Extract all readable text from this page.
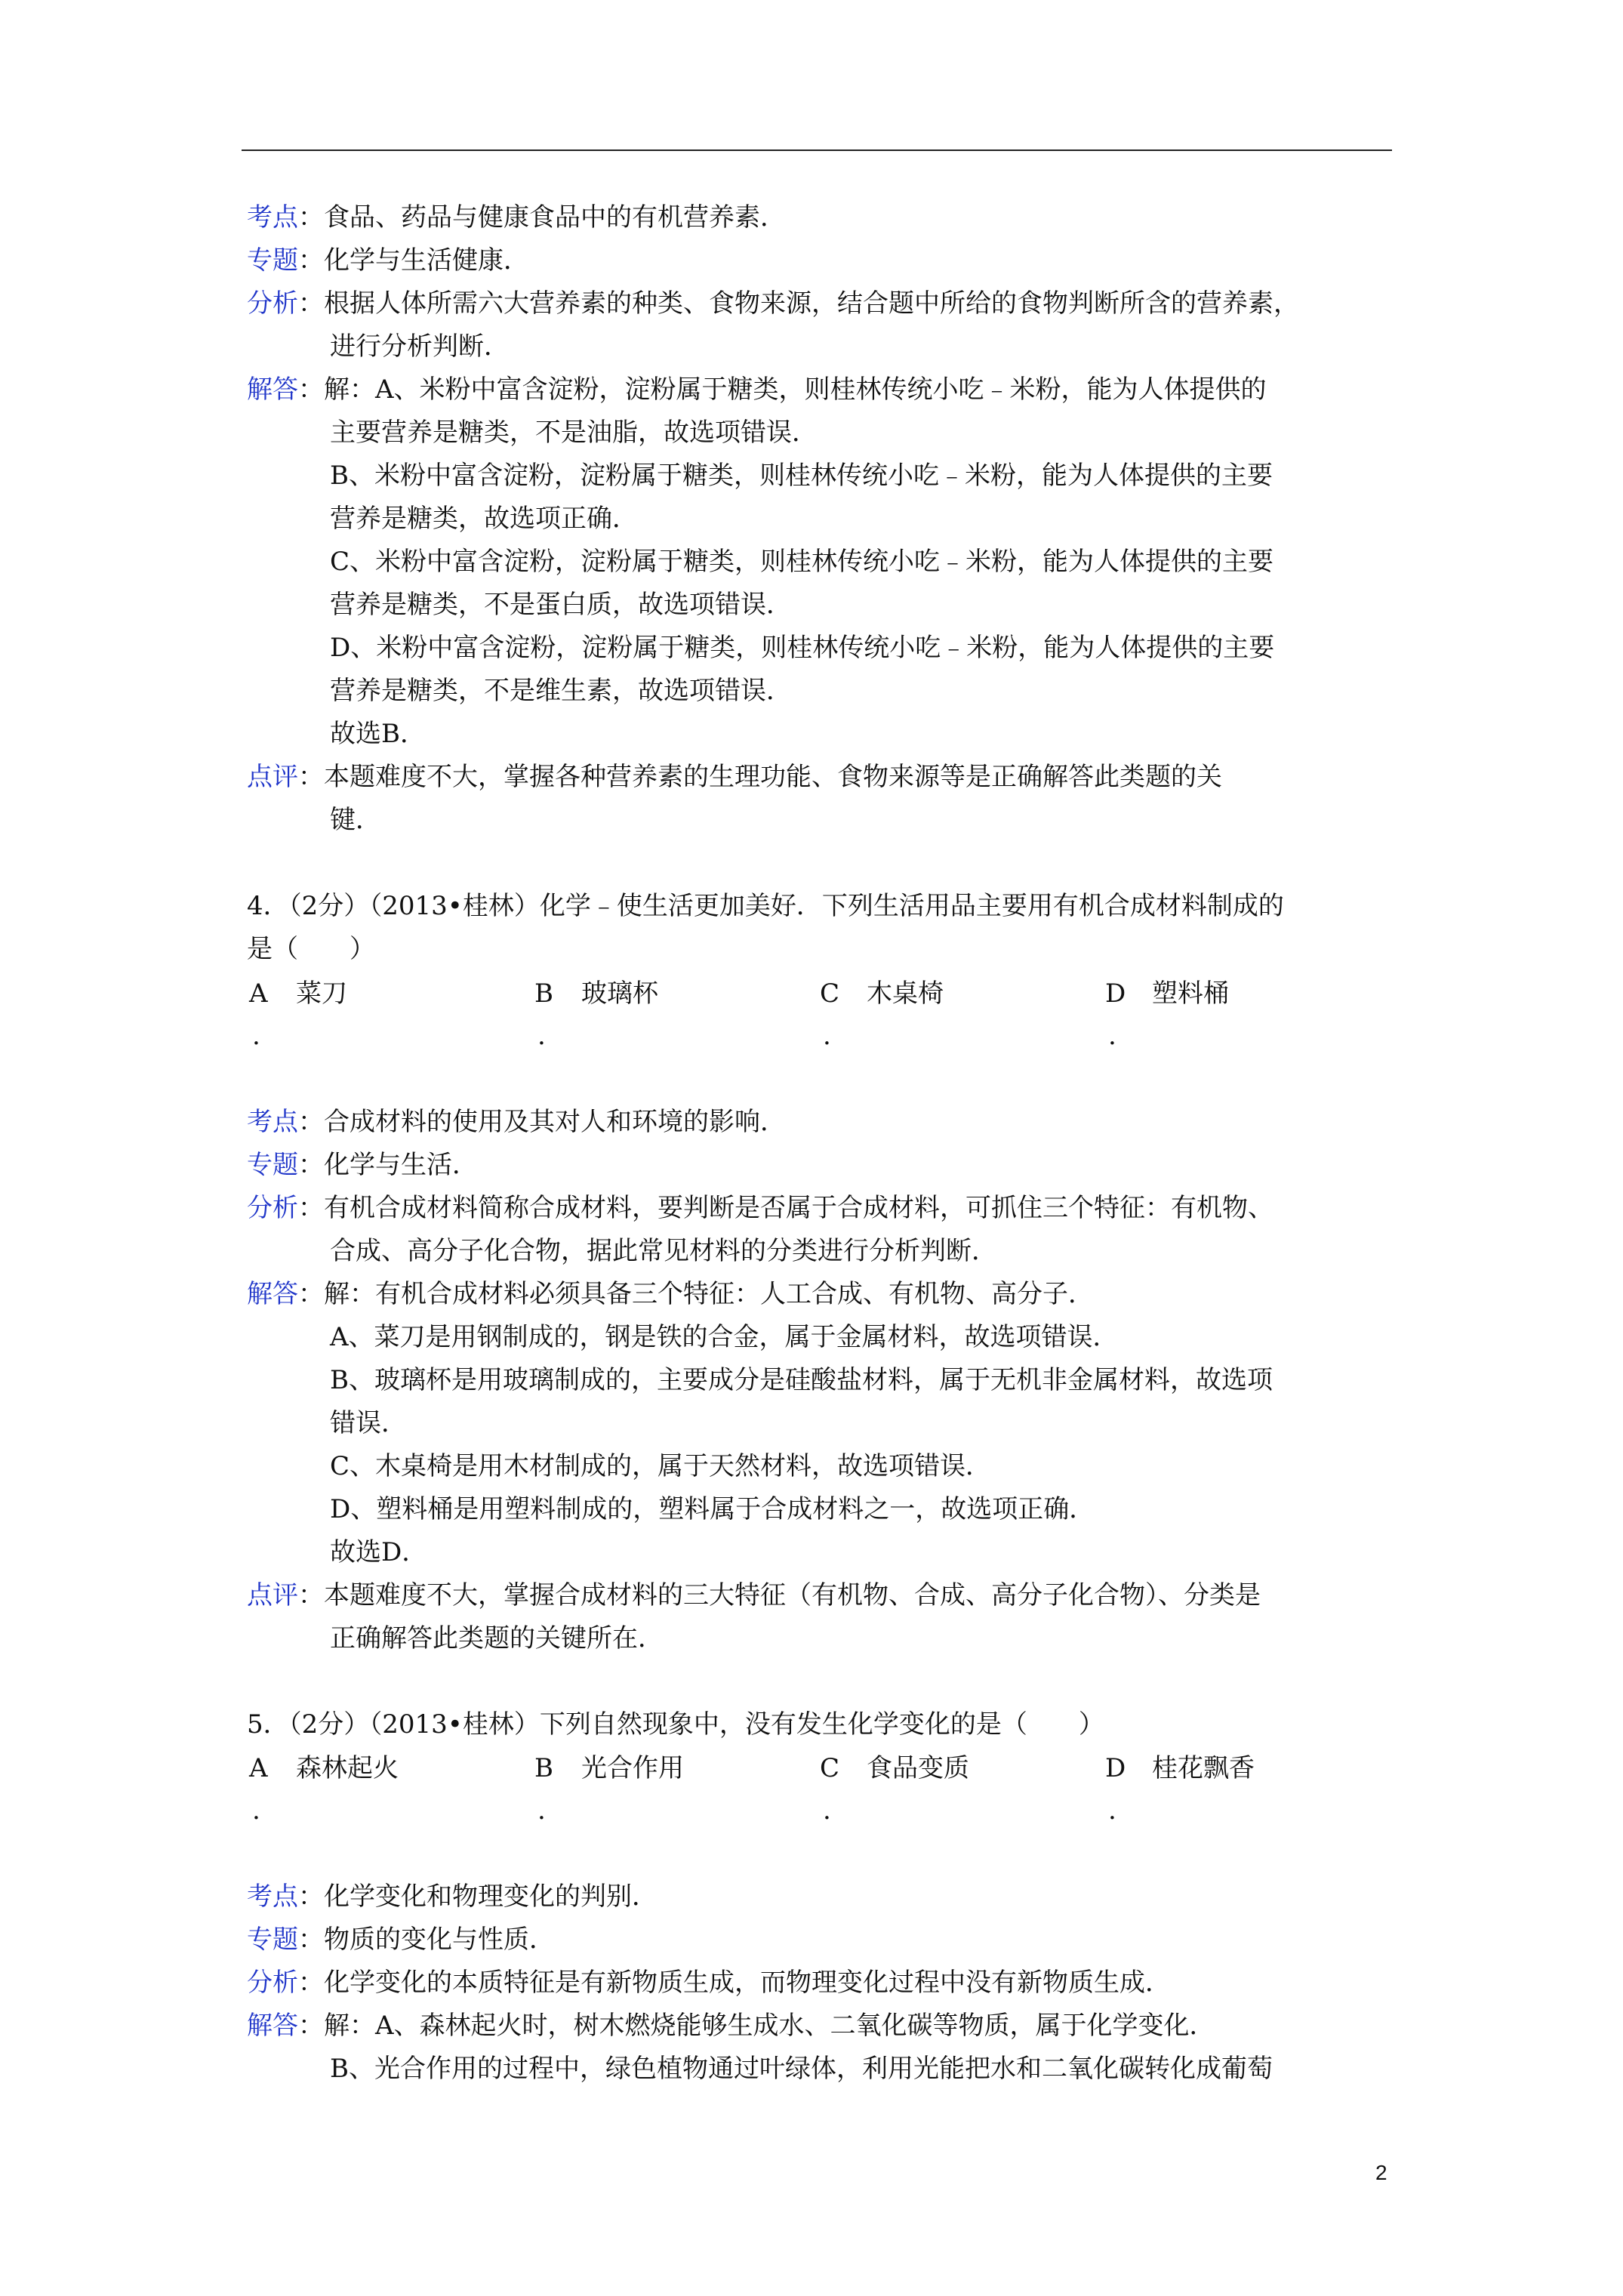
考点：食品、药品与健康食品中的有机营养素．
专题：化学与生活健康．
分析：根据人体所需六大营养素的种类、食物来源，结合题中所给的食物判断所含的营养素，
进行分析判断．
解答：解：A、米粉中富含淀粉，淀粉属于糖类，则桂林传统小吃﹣米粉，能为人体提供的
主要营养是糖类，不是油脂，故选项错误．
B、米粉中富含淀粉，淀粉属于糖类，则桂林传统小吃﹣米粉，能为人体提供的主要
营养是糖类，故选项正确．
C、米粉中富含淀粉，淀粉属于糖类，则桂林传统小吃﹣米粉，能为人体提供的主要
营养是糖类，不是蛋白质，故选项错误．
D、米粉中富含淀粉，淀粉属于糖类，则桂林传统小吃﹣米粉，能为人体提供的主要
营养是糖类，不是维生素，故选项错误．
故选B．
点评：本题难度不大，掌握各种营养素的生理功能、食物来源等是正确解答此类题的关
键．
4．（2分）（2013•桂林）化学﹣使生活更加美好．下列生活用品主要用有机合成材料制成的
是（　　）
A 菜刀
.
B 玻璃杯
.
C 木桌椅
.
D 塑料桶
.
考点：合成材料的使用及其对人和环境的影响．
专题：化学与生活．
分析：有机合成材料简称合成材料，要判断是否属于合成材料，可抓住三个特征：有机物、
合成、高分子化合物，据此常见材料的分类进行分析判断．
解答：解：有机合成材料必须具备三个特征：人工合成、有机物、高分子．
A、菜刀是用钢制成的，钢是铁的合金，属于金属材料，故选项错误．
B、玻璃杯是用玻璃制成的，主要成分是硅酸盐材料，属于无机非金属材料，故选项
错误．
C、木桌椅是用木材制成的，属于天然材料，故选项错误．
D、塑料桶是用塑料制成的，塑料属于合成材料之一，故选项正确．
故选D．
点评：本题难度不大，掌握合成材料的三大特征（有机物、合成、高分子化合物）、分类是
正确解答此类题的关键所在．
5．（2分）（2013•桂林）下列自然现象中，没有发生化学变化的是（　　）
A 森林起火
.
B 光合作用
.
C 食品变质
.
D 桂花飘香
.
考点：化学变化和物理变化的判别．
专题：物质的变化与性质．
分析：化学变化的本质特征是有新物质生成，而物理变化过程中没有新物质生成．
解答：解：A、森林起火时，树木燃烧能够生成水、二氧化碳等物质，属于化学变化．
B、光合作用的过程中，绿色植物通过叶绿体，利用光能把水和二氧化碳转化成葡萄
2
